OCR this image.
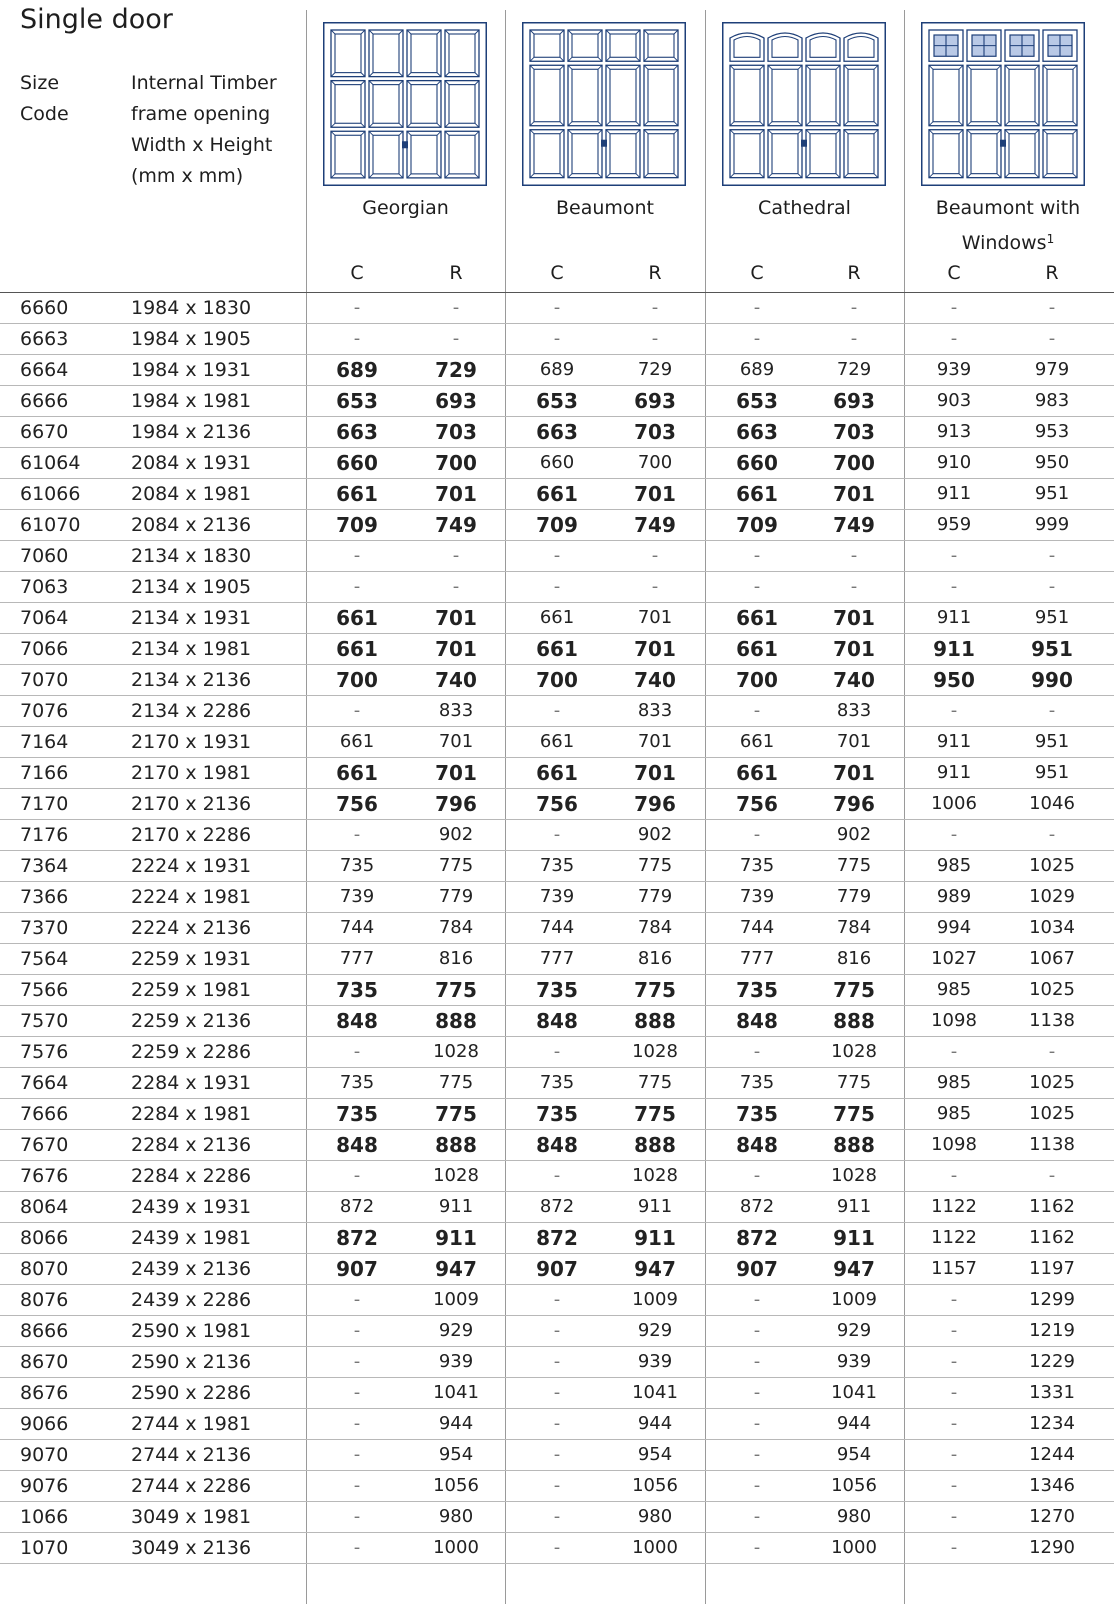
Single door
Size
Code
Internal Timber
frame opening
Width x Height
(mm x mm)
Georgian	Beaumont	Cathedral	Beaumont with
Windows$^1$
C	R	C	R	C	R	C	R
6660	1984 x 1830	-	-	-	-	-	-	-	-
6663	1984 x 1905	-	-	-	-	-	-	-	-
6664	1984 x 1931	689	729	689	729	689	729	939	979
6666	1984 x 1981	653	693	653	693	653	693	903	983
6670	1984 x 2136	663	703	663	703	663	703	913	953
61064	2084 x 1931	660	700	660	700	660	700	910	950
61066	2084 x 1981	661	701	661	701	661	701	911	951
61070	2084 x 2136	709	749	709	749	709	749	959	999
7060	2134 x 1830	-	-	-	-	-	-	-	-
7063	2134 x 1905	-	-	-	-	-	-	-	-
7064	2134 x 1931	661	701	661	701	661	701	911	951
7066	2134 x 1981	661	701	661	701	661	701	911	951
7070	2134 x 2136	700	740	700	740	700	740	950	990
7076	2134 x 2286	-	833	-	833	-	833	-	-
7164	2170 x 1931	661	701	661	701	661	701	911	951
7166	2170 x 1981	661	701	661	701	661	701	911	951
7170	2170 x 2136	756	796	756	796	756	796	1006	1046
7176	2170 x 2286	-	902	-	902	-	902	-	-
7364	2224 x 1931	735	775	735	775	735	775	985	1025
7366	2224 x 1981	739	779	739	779	739	779	989	1029
7370	2224 x 2136	744	784	744	784	744	784	994	1034
7564	2259 x 1931	777	816	777	816	777	816	1027	1067
7566	2259 x 1981	735	775	735	775	735	775	985	1025
7570	2259 x 2136	848	888	848	888	848	888	1098	1138
7576	2259 x 2286	-	1028	-	1028	-	1028	-	-
7664	2284 x 1931	735	775	735	775	735	775	985	1025
7666	2284 x 1981	735	775	735	775	735	775	985	1025
7670	2284 x 2136	848	888	848	888	848	888	1098	1138
7676	2284 x 2286	-	1028	-	1028	-	1028	-	-
8064	2439 x 1931	872	911	872	911	872	911	1122	1162
8066	2439 x 1981	872	911	872	911	872	911	1122	1162
8070	2439 x 2136	907	947	907	947	907	947	1157	1197
8076	2439 x 2286	-	1009	-	1009	-	1009	-	1299
8666	2590 x 1981	-	929	-	929	-	929	-	1219
8670	2590 x 2136	-	939	-	939	-	939	-	1229
8676	2590 x 2286	-	1041	-	1041	-	1041	-	1331
9066	2744 x 1981	-	944	-	944	-	944	-	1234
9070	2744 x 2136	-	954	-	954	-	954	-	1244
9076	2744 x 2286	-	1056	-	1056	-	1056	-	1346
1066	3049 x 1981	-	980	-	980	-	980	-	1270
1070	3049 x 2136	-	1000	-	1000	-	1000	-	1290
